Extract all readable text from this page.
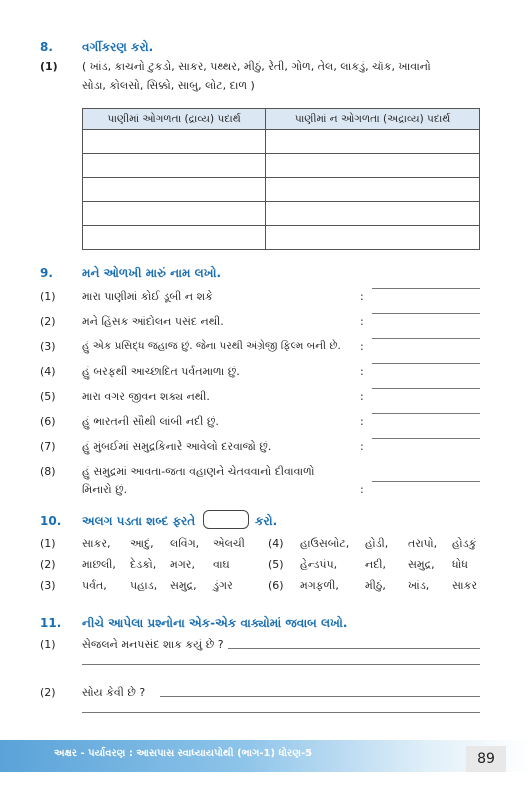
8. વર્ગીકરણ કરો.
(1) ( ખાંડ, કાચનો ટુકડો, સાકર, પથ્થર, મીઠું, રેતી, ગોળ, તેલ, લાકડું, ચૉક, ખાવાનો
સોડા, કોલસો, સિક્કો, સાબુ, લોટ, દાળ )
પાણીમાં ઓગળતા (દ્રાવ્ય) પદાર્થ	પાણીમાં ન ઓગળતા (અદ્રાવ્ય) પદાર્થ

9. મને ઓળખી મારું નામ લખો.
(1) મારા પાણીમાં કોઈ ડૂબી ન શકે	:
(2) મને હિંસક આંદોલન પસંદ નથી.	:
(3)	હું એક પ્રસિદ્ધ જહાજ છું. જેના પરથી અંગ્રેજી ફિલ્મ બની છે. :
(4) હું બરફથી આચ્છાદિત પર્વતમાળા છું.	:
(5) મારા વગર જીવન શક્ય નથી.	:
(6) હું ભારતની સૌથી લાંબી નદી છું.	:
(7) હું મુંબઈમાં સમુદ્રકિનારે આવેલો દરવાજો છું.	:
(8) હું સમુદ્રમાં આવતા-જતા વહાણને ચેતવવાનો દીવાવાળો
મિનારો છું.	:
10. અલગ પડતા શબ્દ ફરતે	કરો.
(1) સાકર, આદું, લવિંગ, એલચી
(2) માછલી, દેડકો, મગર, વાઘ
(3) પર્વત, પહાડ, સમુદ્ર, ડુંગર
(4) હાઉસબોટ, હોડી, તરાપો, હોડકું
(5) હેન્ડપંપ,	નદી, સમુદ્ર, ધોધ
(6) મગફળી, મીઠું, ખાંડ, સાકર
11. નીચે આપેલા પ્રશ્નોના એક-એક વાક્યોમાં જવાબ લખો.
(1) સેજલને મનપસંદ શાક કયું છે ?
(2) સોય કેવી છે ?
અક્ષર - પર્યાવરણ : આસપાસ સ્વાધ્યાયપોથી (ભાગ-1) ધોરણ-5	89
